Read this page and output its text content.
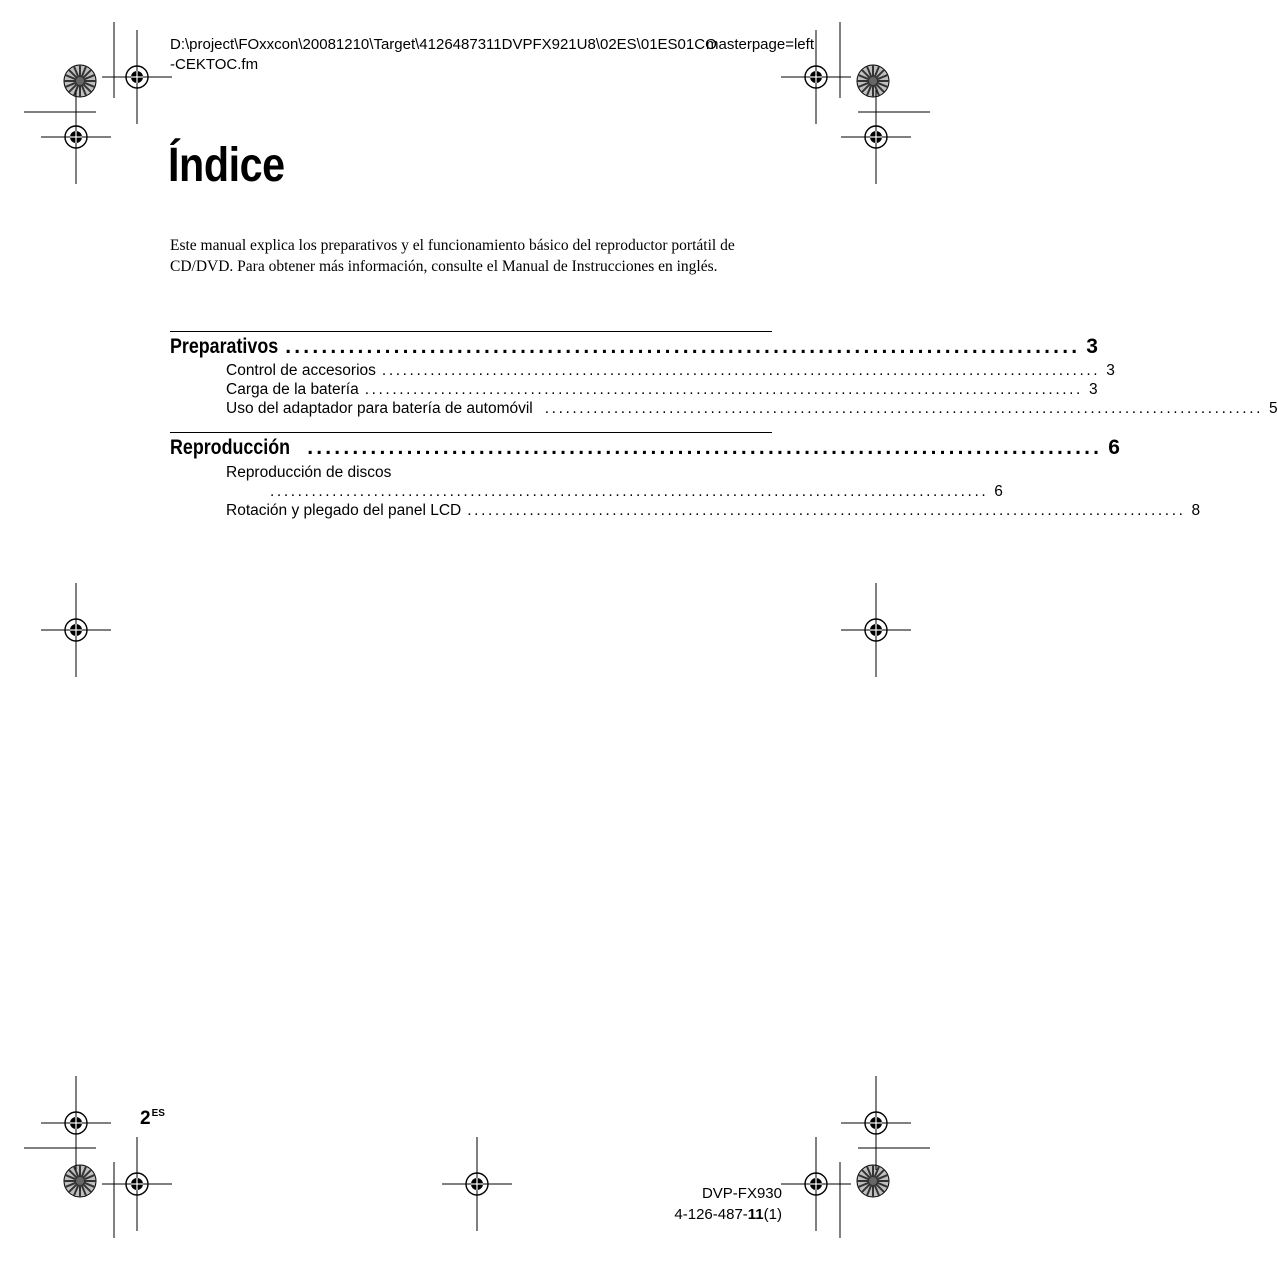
D:\project\FOxxcon\20081210\Target\4126487311DVPFX921U8\02ES\01ES01CO
masterpage=left
-CEKTOC.fm
Índice
Este manual explica los preparativos y el funcionamiento básico del reproductor portátil de CD/DVD. Para obtener más información, consulte el Manual de Instrucciones en inglés.
Preparativos ........................................................................................ 3
Control de accesorios ........................................................................................................ 3
Carga de la batería ........................................................................................................ 3
Uso del adaptador para batería de automóvil ........................................................................................................ 5
Reproducción ........................................................................................ 6
Reproducción de discos
........................................................................................................ 6
Rotación y plegado del panel LCD ........................................................................................................ 8
$2^{ES}$
DVP-FX930
4-126-487-11(1)
